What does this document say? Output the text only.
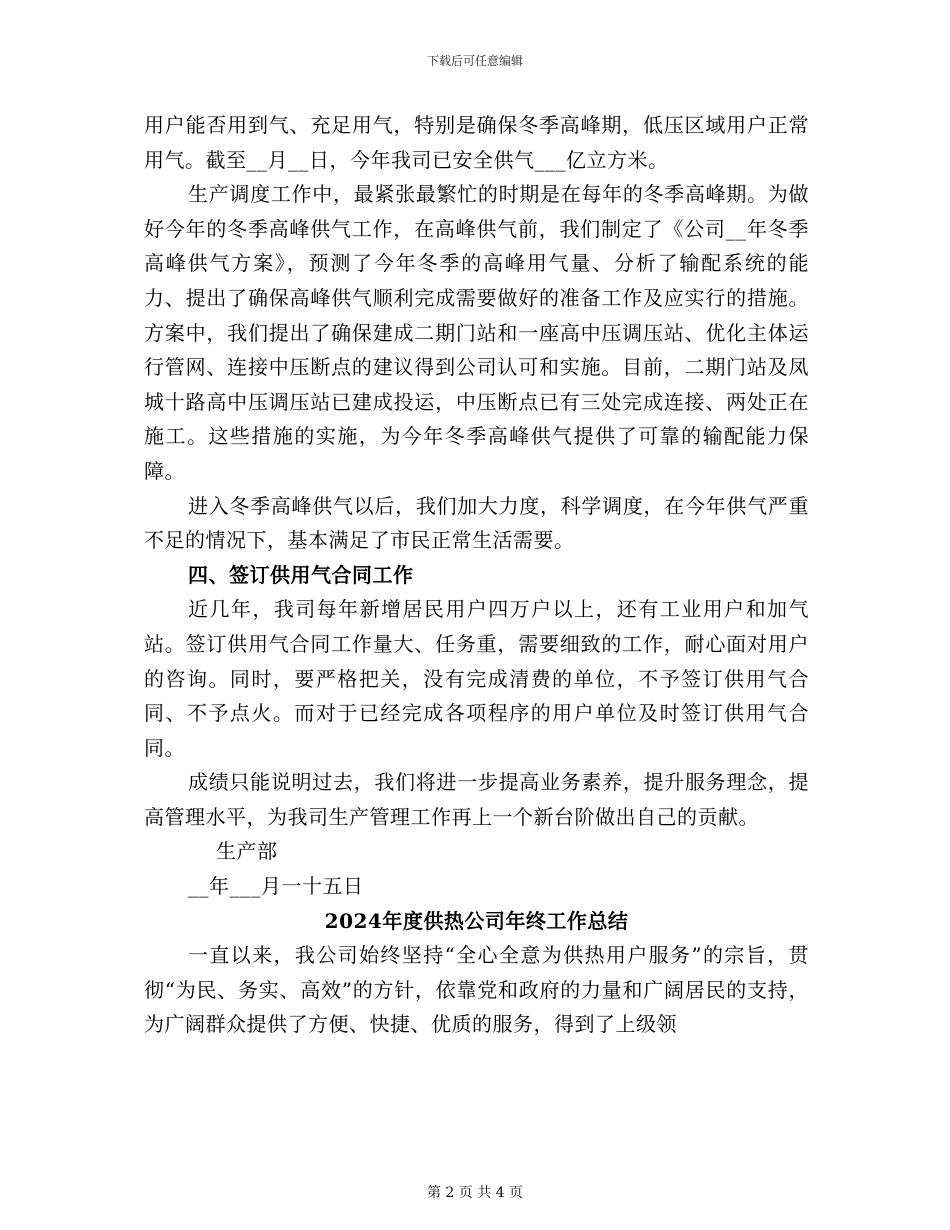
下载后可任意编辑

用户能否用到气、充足用气，特别是确保冬季高峰期，低压区域用户正常用气。截至__月__日，今年我司已安全供气___亿立方米。

生产调度工作中，最紧张最繁忙的时期是在每年的冬季高峰期。为做好今年的冬季高峰供气工作，在高峰供气前，我们制定了《公司__年冬季高峰供气方案》，预测了今年冬季的高峰用气量、分析了输配系统的能力、提出了确保高峰供气顺利完成需要做好的准备工作及应实行的措施。方案中，我们提出了确保建成二期门站和一座高中压调压站、优化主体运行管网、连接中压断点的建议得到公司认可和实施。目前，二期门站及凤城十路高中压调压站已建成投运，中压断点已有三处完成连接、两处正在施工。这些措施的实施，为今年冬季高峰供气提供了可靠的输配能力保障。

进入冬季高峰供气以后，我们加大力度，科学调度，在今年供气严重不足的情况下，基本满足了市民正常生活需要。

四、签订供用气合同工作

近几年，我司每年新增居民用户四万户以上，还有工业用户和加气站。签订供用气合同工作量大、任务重，需要细致的工作，耐心面对用户的咨询。同时，要严格把关，没有完成清费的单位，不予签订供用气合同、不予点火。而对于已经完成各项程序的用户单位及时签订供用气合同。

成绩只能说明过去，我们将进一步提高业务素养，提升服务理念，提高管理水平，为我司生产管理工作再上一个新台阶做出自己的贡献。

生产部

__年___月一十五日

2024年度供热公司年终工作总结

一直以来，我公司始终坚持“全心全意为供热用户服务”的宗旨，贯彻“为民、务实、高效”的方针，依靠党和政府的力量和广阔居民的支持，为广阔群众提供了方便、快捷、优质的服务，得到了上级领

第 2 页 共 4 页
